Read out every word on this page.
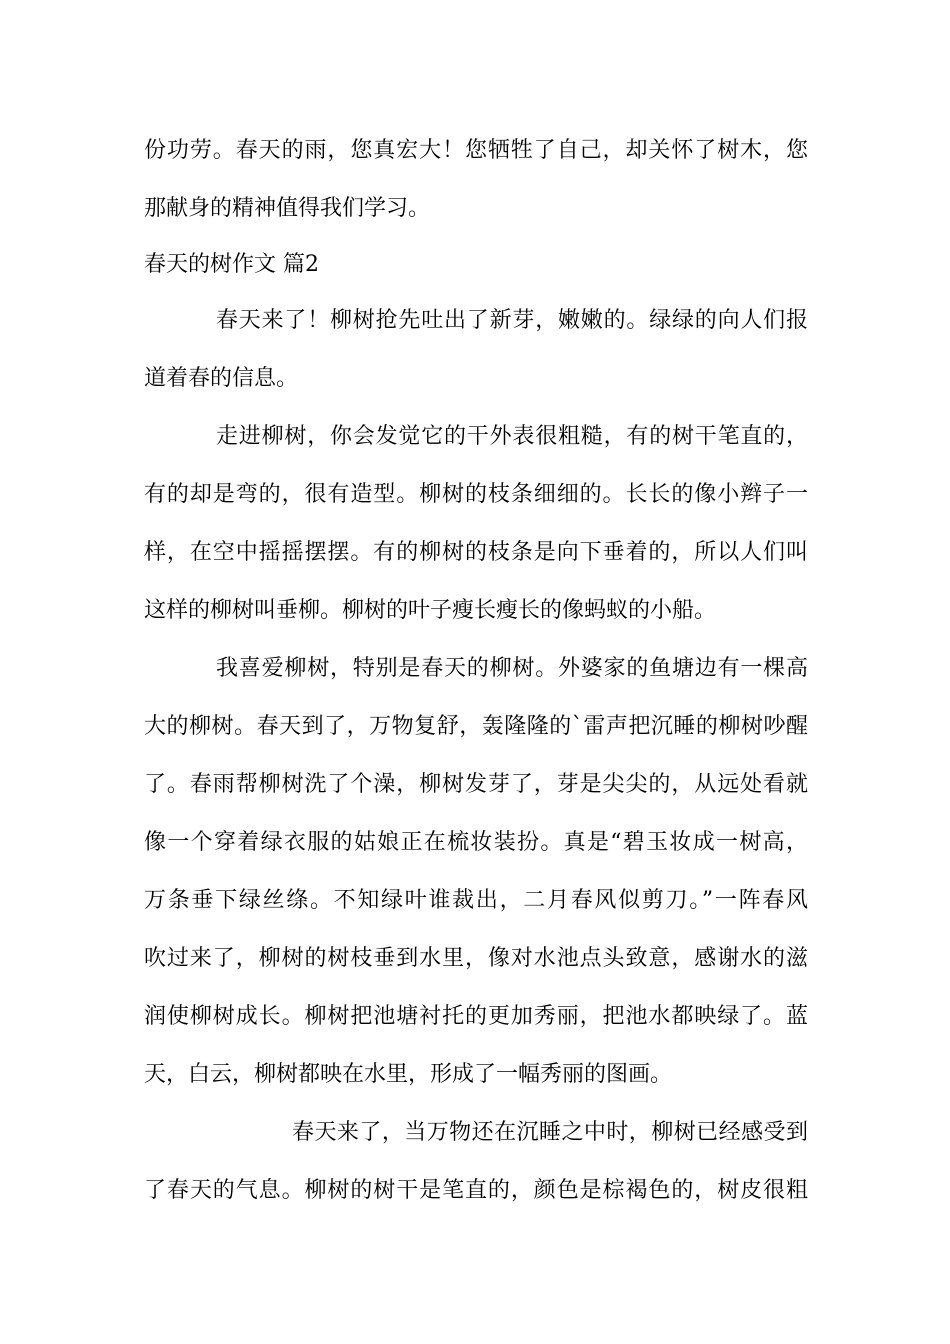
份功劳。春天的雨，您真宏大！您牺牲了自己，却关怀了树木，您
那献身的精神值得我们学习。
春天的树作文 篇2
春天来了！柳树抢先吐出了新芽，嫩嫩的。绿绿的向人们报
道着春的信息。
走进柳树，你会发觉它的干外表很粗糙，有的树干笔直的，
有的却是弯的，很有造型。柳树的枝条细细的。长长的像小辫子一
样，在空中摇摇摆摆。有的柳树的枝条是向下垂着的，所以人们叫
这样的柳树叫垂柳。柳树的叶子瘦长瘦长的像蚂蚁的小船。
我喜爱柳树，特别是春天的柳树。外婆家的鱼塘边有一棵高
大的柳树。春天到了，万物复舒，轰隆隆的`雷声把沉睡的柳树吵醒
了。春雨帮柳树洗了个澡，柳树发芽了，芽是尖尖的，从远处看就
像一个穿着绿衣服的姑娘正在梳妆装扮。真是“碧玉妆成一树高，
万条垂下绿丝绦。不知绿叶谁裁出，二月春风似剪刀。”一阵春风
吹过来了，柳树的树枝垂到水里，像对水池点头致意，感谢水的滋
润使柳树成长。柳树把池塘衬托的更加秀丽，把池水都映绿了。蓝
天，白云，柳树都映在水里，形成了一幅秀丽的图画。
春天来了，当万物还在沉睡之中时，柳树已经感受到
了春天的气息。柳树的树干是笔直的，颜色是棕褐色的，树皮很粗
